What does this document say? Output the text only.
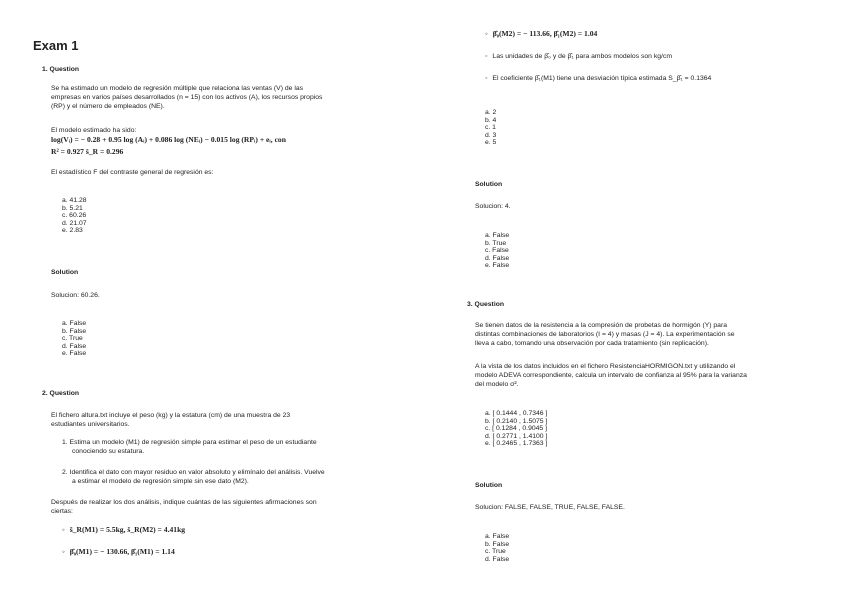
Exam 1
1. Question
Se ha estimado un modelo de regresión múltiple que relaciona las ventas (V) de las
empresas en varios países desarrollados (n = 15) con los activos (A), los recursos propios
(RP) y el número de empleados (NE).
El modelo estimado ha sido:
log(Vᵢ) = − 0.28 + 0.95 log (Aᵢ) + 0.086 log (NEᵢ) − 0.015 log (RPᵢ) + eᵢ, con
R² = 0.927 ŝ_R = 0.296
El estadístico F del contraste general de regresión es:
a. 41.28
b. 5.21
c. 60.26
d. 21.07
e. 2.83
Solution
Solucion: 60.26.
a. False
b. False
c. True
d. False
e. False
2. Question
El fichero altura.txt incluye el peso (kg) y la estatura (cm) de una muestra de 23
estudiantes universitarios.
1. Estima un modelo (M1) de regresión simple para estimar el peso de un estudiante
conociendo su estatura.
2. Identifica el dato con mayor residuo en valor absoluto y elimínalo del análisis. Vuelve
a estimar el modelo de regresión simple sin ese dato (M2).
Después de realizar los dos análisis, indique cuántas de las siguientes afirmaciones son
ciertas:
◦ ŝ_R(M1) = 5.5kg, ŝ_R(M2) = 4.41kg
◦ β̂₀(M1) = − 130.66, β̂₁(M1) = 1.14
◦ β̂₀(M2) = − 113.66, β̂₁(M2) = 1.04
◦ Las unidades de β̂₀ y de β̂₁ para ambos modelos son kg/cm
◦ El coeficiente β̂₁(M1) tiene una desviación típica estimada S_β̂₁ = 0.1364
a. 2
b. 4
c. 1
d. 3
e. 5
Solution
Solucion: 4.
a. False
b. True
c. False
d. False
e. False
3. Question
Se tienen datos de la resistencia a la compresión de probetas de hormigón (Y) para
distintas combinaciones de laboratorios (I = 4) y masas (J = 4). La experimentación se
lleva a cabo, tomando una observación por cada tratamiento (sin replicación).
A la vista de los datos incluidos en el fichero ResistenciaHORMIGON.txt y utilizando el
modelo ADEVA correspondiente, calcula un intervalo de confianza al 95% para la varianza
del modelo σ².
a. [ 0.1444 , 0.7346 ]
b. [ 0.2140 , 1.5075 ]
c. [ 0.1284 , 0.9045 ]
d. [ 0.2771 , 1.4100 ]
e. [ 0.2465 , 1.7363 ]
Solution
Solucion: FALSE, FALSE, TRUE, FALSE, FALSE.
a. False
b. False
c. True
d. False
